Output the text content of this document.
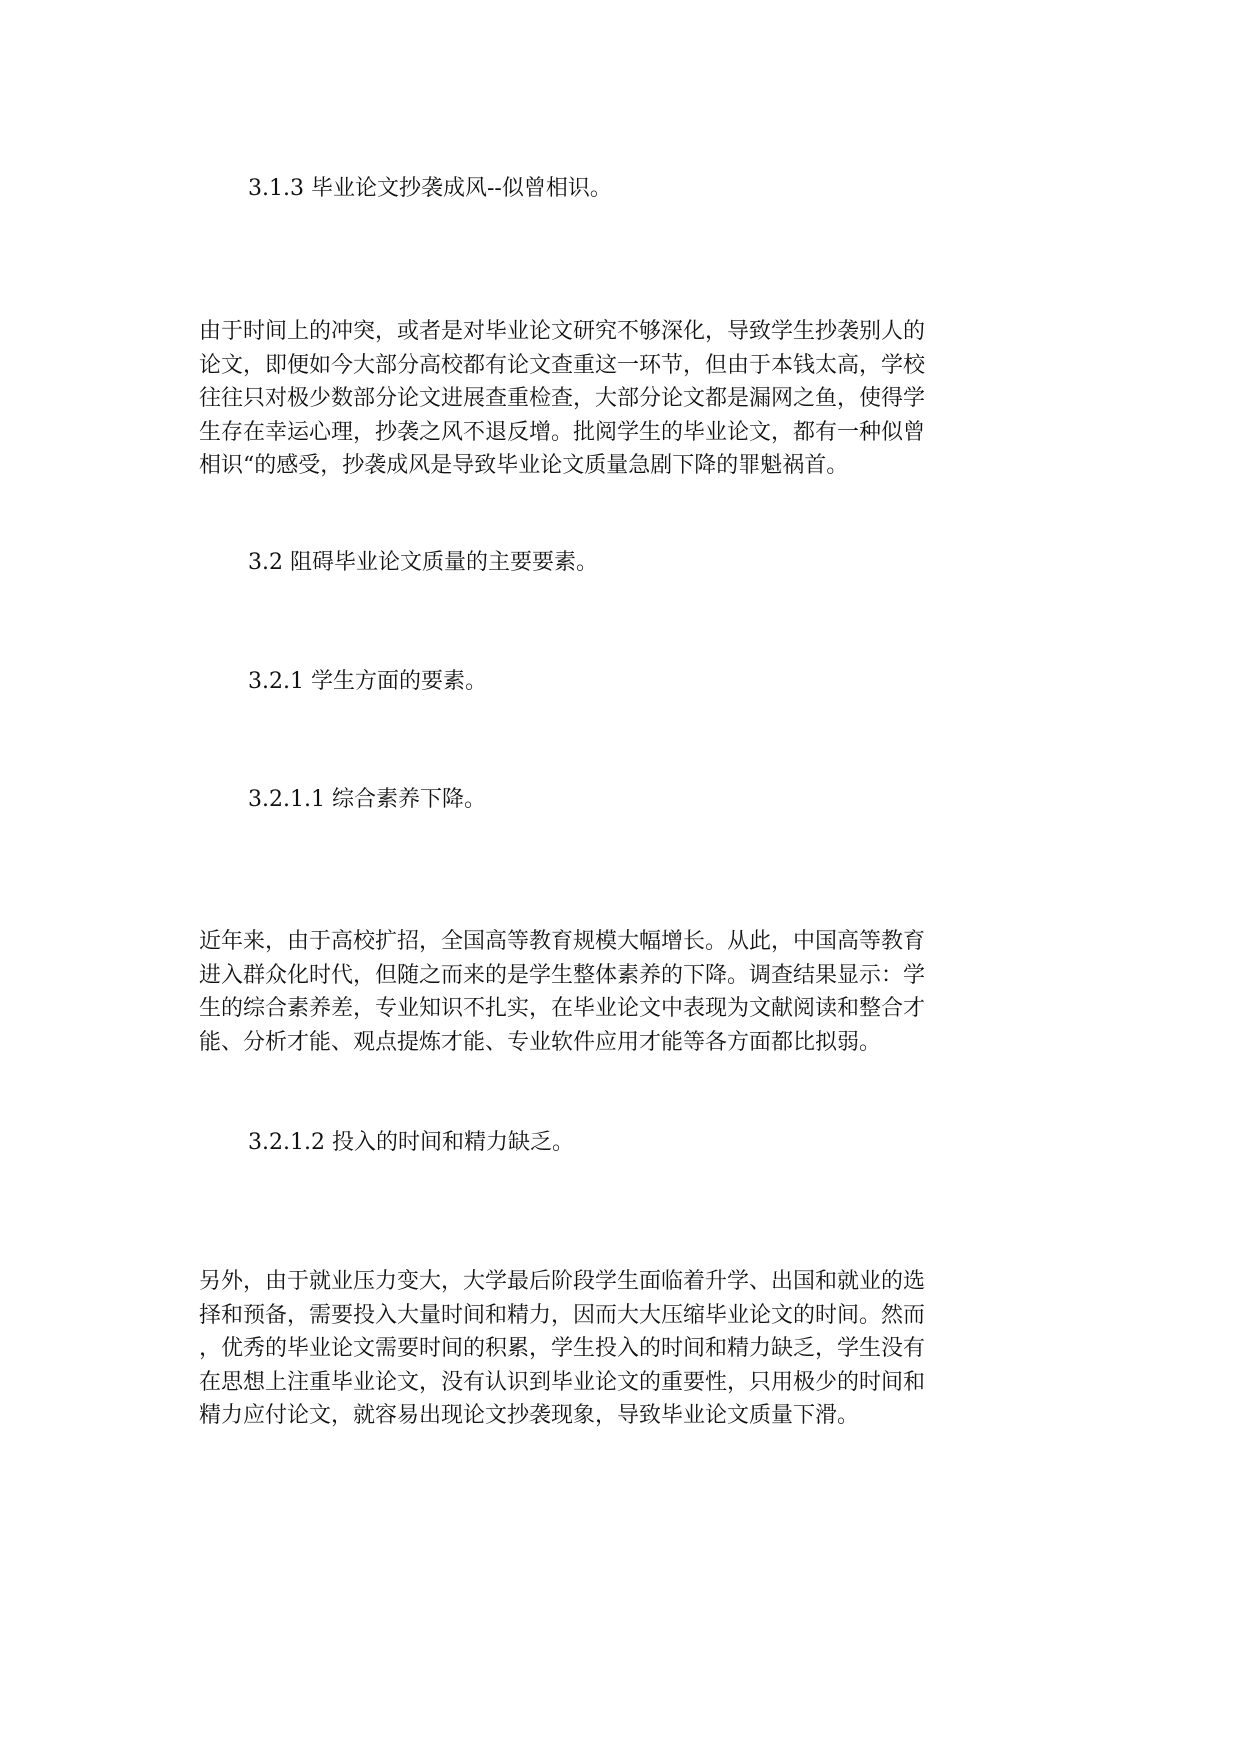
3.1.3 毕业论文抄袭成风--似曾相识。
由于时间上的冲突，或者是对毕业论文研究不够深化，导致学生抄袭别人的
论文，即便如今大部分高校都有论文查重这一环节，但由于本钱太高，学校
往往只对极少数部分论文进展查重检查，大部分论文都是漏网之鱼，使得学
生存在幸运心理，抄袭之风不退反增。批阅学生的毕业论文，都有一种似曾
相识“的感受，抄袭成风是导致毕业论文质量急剧下降的罪魁祸首。
3.2 阻碍毕业论文质量的主要要素。
3.2.1 学生方面的要素。
3.2.1.1 综合素养下降。
近年来，由于高校扩招，全国高等教育规模大幅增长。从此，中国高等教育
进入群众化时代，但随之而来的是学生整体素养的下降。调查结果显示：学
生的综合素养差，专业知识不扎实，在毕业论文中表现为文献阅读和整合才
能、分析才能、观点提炼才能、专业软件应用才能等各方面都比拟弱。
3.2.1.2 投入的时间和精力缺乏。
另外，由于就业压力变大，大学最后阶段学生面临着升学、出国和就业的选
择和预备，需要投入大量时间和精力，因而大大压缩毕业论文的时间。然而
，优秀的毕业论文需要时间的积累，学生投入的时间和精力缺乏，学生没有
在思想上注重毕业论文，没有认识到毕业论文的重要性，只用极少的时间和
精力应付论文，就容易出现论文抄袭现象，导致毕业论文质量下滑。
